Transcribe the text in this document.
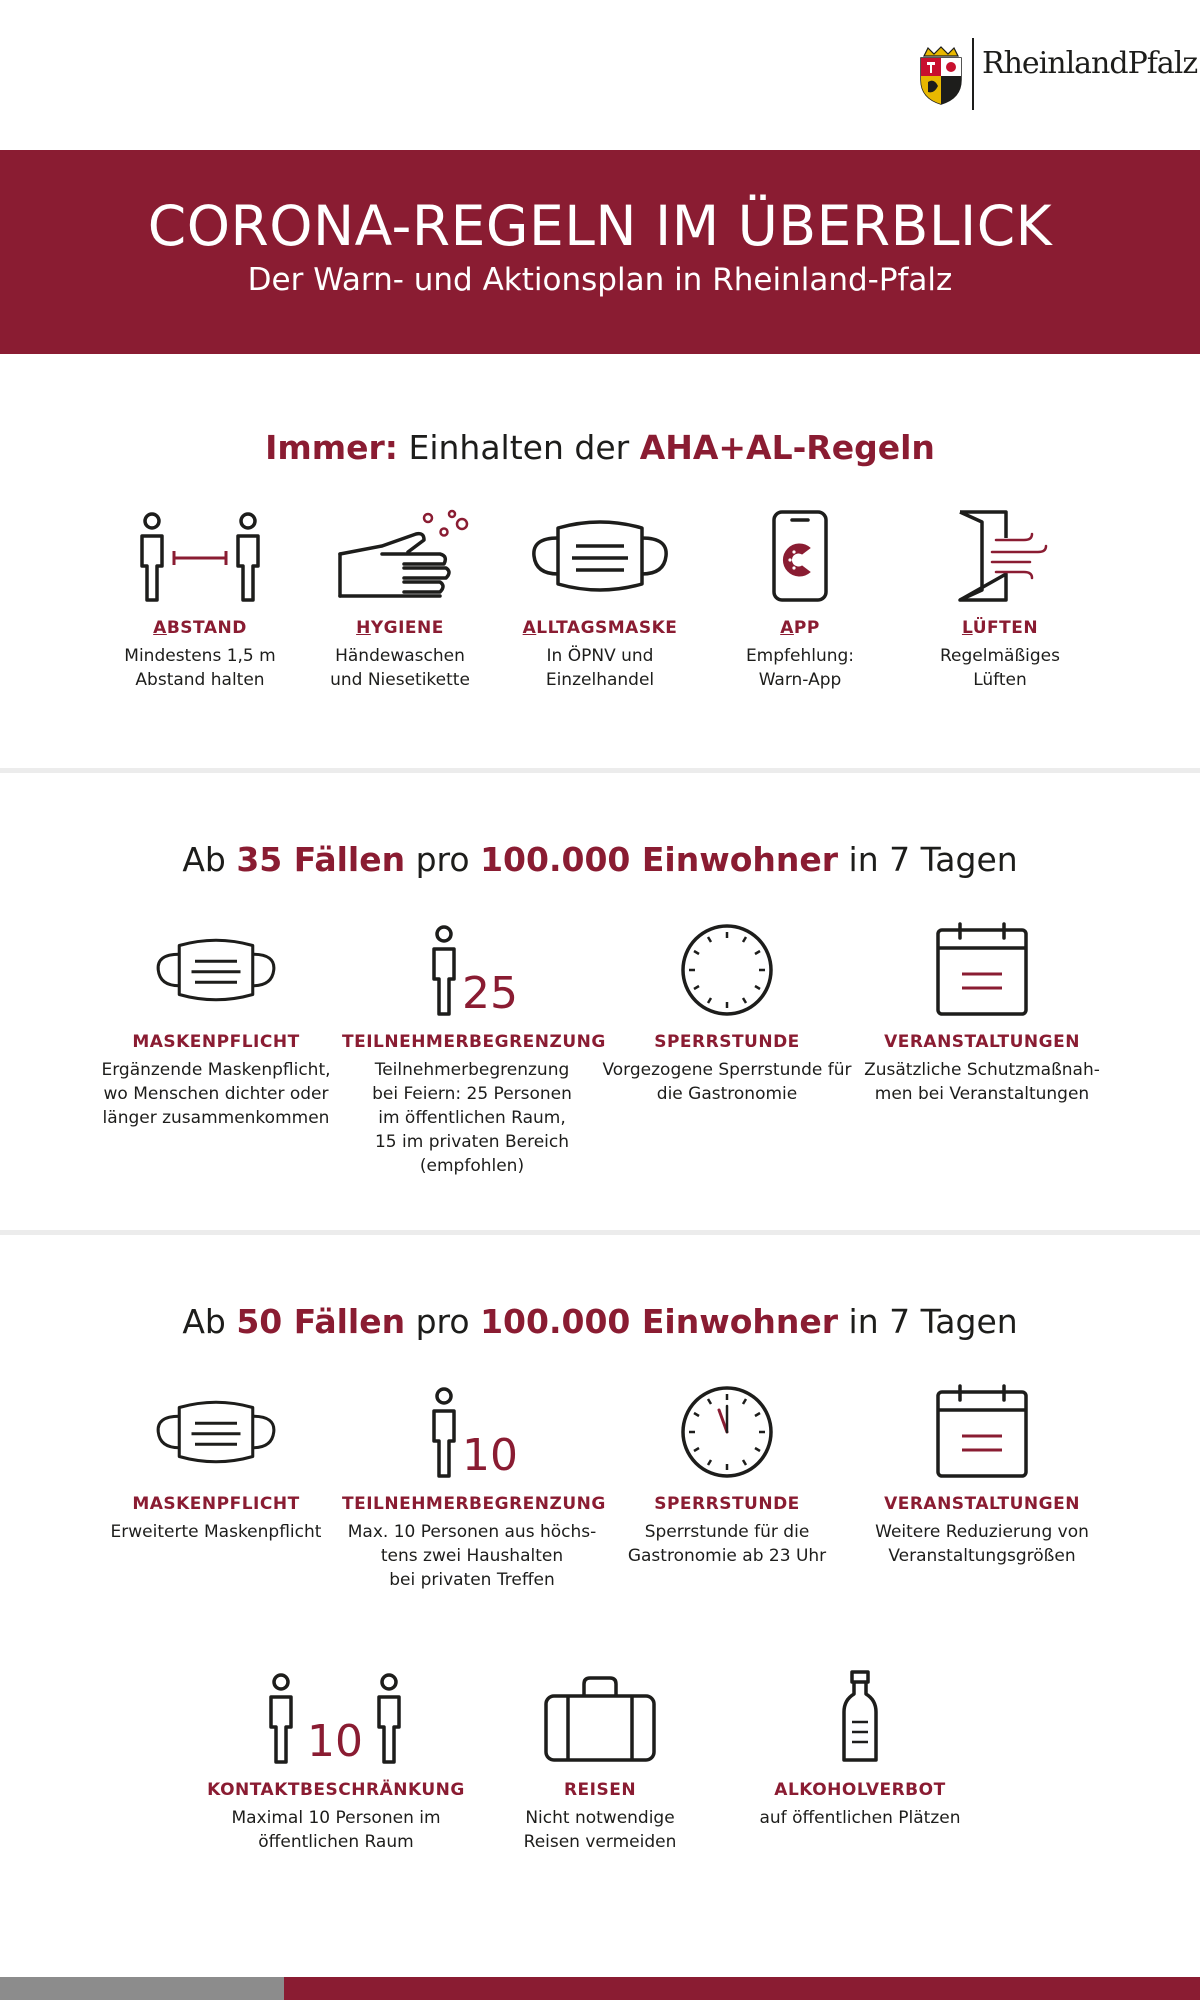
RheinlandPfalz
CORONA-REGELN IM ÜBERBLICK
Der Warn- und Aktionsplan in Rheinland-Pfalz
Immer: Einhalten der AHA+AL-Regeln
ABSTAND
Mindestens 1,5 m
Abstand halten
HYGIENE
Händewaschen
und Niesetikette
ALLTAGSMASKE
In ÖPNV und
Einzelhandel
APP
Empfehlung:
Warn-App
LÜFTEN
Regelmäßiges
Lüften
Ab 35 Fällen pro 100.000 Einwohner in 7 Tagen
MASKENPFLICHT
Ergänzende Maskenpflicht,
wo Menschen dichter oder
länger zusammenkommen
25
TEILNEHMERBEGRENZUNG
Teilnehmerbegrenzung
bei Feiern: 25 Personen
im öffentlichen Raum,
15 im privaten Bereich
(empfohlen)
SPERRSTUNDE
Vorgezogene Sperrstunde für
die Gastronomie
VERANSTALTUNGEN
Zusätzliche Schutzmaßnah-
men bei Veranstaltungen
Ab 50 Fällen pro 100.000 Einwohner in 7 Tagen
MASKENPFLICHT
Erweiterte Maskenpflicht
10
TEILNEHMERBEGRENZUNG
Max. 10 Personen aus höchs-
tens zwei Haushalten
bei privaten Treffen
SPERRSTUNDE
Sperrstunde für die
Gastronomie ab 23 Uhr
VERANSTALTUNGEN
Weitere Reduzierung von
Veranstaltungsgrößen
10
KONTAKTBESCHRÄNKUNG
Maximal 10 Personen im
öffentlichen Raum
REISEN
Nicht notwendige
Reisen vermeiden
ALKOHOLVERBOT
auf öffentlichen Plätzen
